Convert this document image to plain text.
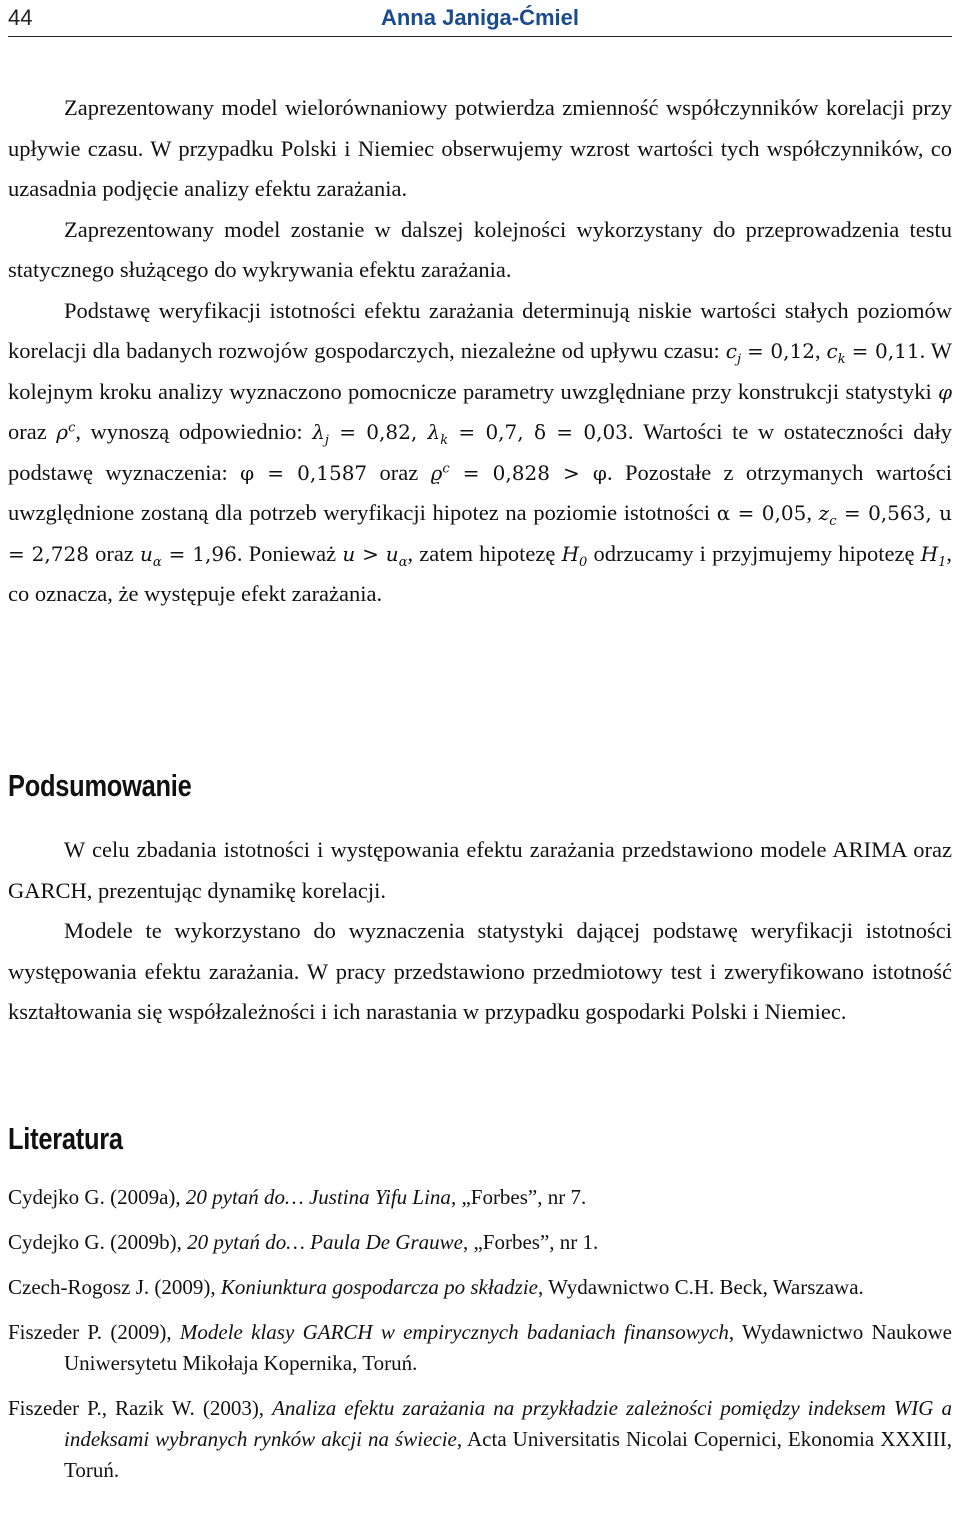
44	Anna Janiga-Ćmiel

Zaprezentowany model wielorównaniowy potwierdza zmienność współczynników korelacji przy upływie czasu. W przypadku Polski i Niemiec obserwujemy wzrost wartości tych współczynników, co uzasadnia podjęcie analizy efektu zarażania.

Zaprezentowany model zostanie w dalszej kolejności wykorzystany do przeprowadzenia testu statycznego służącego do wykrywania efektu zarażania.

Podstawę weryfikacji istotności efektu zarażania determinują niskie wartości stałych poziomów korelacji dla badanych rozwojów gospodarczych, niezależne od upływu czasu: $c_j = 0,12$, $c_k = 0,11$. W kolejnym kroku analizy wyznaczono pomocnicze parametry uwzględniane przy konstrukcji statystyki φ oraz $\rho^c$, wynoszą odpowiednio: $\lambda_j = 0,82$, $\lambda_k = 0,7$, δ = 0,03. Wartości te w ostateczności dały podstawę wyznaczenia: φ = 0,1587 oraz $ϱ^c = 0,828 > \varphi$. Pozostałe z otrzymanych wartości uwzględnione zostaną dla potrzeb weryfikacji hipotez na poziomie istotności α = 0,05, $z_c = 0,563$, u = 2,728 oraz $u_\alpha = 1,96$. Ponieważ $u > u_\alpha$, zatem hipotezę $H_0$ odrzucamy i przyjmujemy hipotezę $H_1$, co oznacza, że występuje efekt zarażania.

Podsumowanie

W celu zbadania istotności i występowania efektu zarażania przedstawiono modele ARIMA oraz GARCH, prezentując dynamikę korelacji.

Modele te wykorzystano do wyznaczenia statystyki dającej podstawę weryfikacji istotności występowania efektu zarażania. W pracy przedstawiono przedmiotowy test i zweryfikowano istotność kształtowania się współzależności i ich narastania w przypadku gospodarki Polski i Niemiec.

Literatura

Cydejko G. (2009a), 20 pytań do… Justina Yifu Lina, „Forbes”, nr 7.

Cydejko G. (2009b), 20 pytań do… Paula De Grauwe, „Forbes”, nr 1.

Czech-Rogosz J. (2009), Koniunktura gospodarcza po składzie, Wydawnictwo C.H. Beck, Warszawa.

Fiszeder P. (2009), Modele klasy GARCH w empirycznych badaniach finansowych, Wydawnictwo Naukowe Uniwersytetu Mikołaja Kopernika, Toruń.

Fiszeder P., Razik W. (2003), Analiza efektu zarażania na przykładzie zależności pomiędzy indeksem WIG a indeksami wybranych rynków akcji na świecie, Acta Universitatis Nicolai Copernici, Ekonomia XXXIII, Toruń.
